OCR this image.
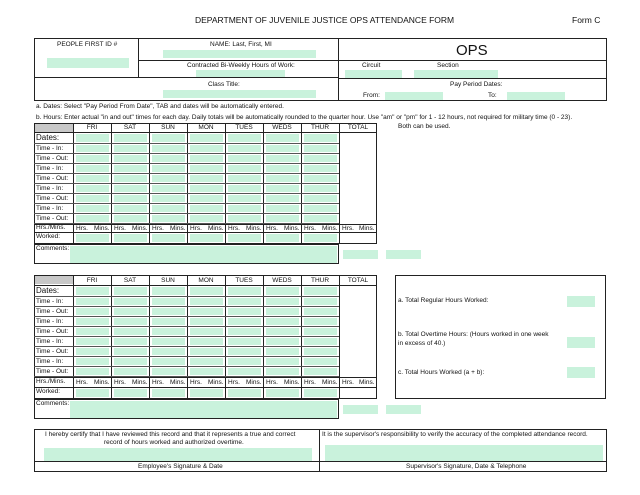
DEPARTMENT OF JUVENILE JUSTICE OPS ATTENDANCE FORM	Form C
PEOPLE FIRST ID #	NAME: Last, First, MI	OPS
Contracted Bi-Weekly Hours of Work:	Circuit	Section
Class Title:	Pay Period Dates:
From:	To:
a. Dates: Select "Pay Period From Date", TAB and dates will be automatically entered.
b. Hours: Enter actual "in and out" times for each day. Daily totals will be automatically rounded to the quarter hour. Use "am" or "pm" for 1 - 12 hours, not required for military time (0 - 23).
Both can be used.
FRI	SAT	SUN	MON	TUES	WEDS	THUR	TOTAL
Dates:
Time - In:
Time - Out:
Time - In:
Time - Out:
Time - In:
Time - Out:
Time - In:
Time - Out:
Hrs./Mins.
Worked:
Hrs. Mins. Hrs. Mins. Hrs. Mins. Hrs. Mins. Hrs. Mins. Hrs. Mins. Hrs. Mins. Hrs. Mins.
Comments:
FRI	SAT	SUN	MON	TUES	WEDS	THUR	TOTAL
Dates:
Time - In:
Time - Out:
Time - In:
Time - Out:
Time - In:
Time - Out:
Time - In:
Time - Out:
Hrs./Mins.
Worked:
Hrs. Mins. Hrs. Mins. Hrs. Mins. Hrs. Mins. Hrs. Mins. Hrs. Mins. Hrs. Mins. Hrs. Mins.
Comments:
a. Total Regular Hours Worked:
b. Total Overtime Hours: (Hours worked in one week
in excess of 40.)
c. Total Hours Worked (a + b):
I hereby certify that I have reviewed this record and that it represents a true and correct
record of hours worked and authorized overtime.
Employee's Signature & Date
It is the supervisor's responsibility to verify the accuracy of the completed attendance record.
Supervisor's Signature, Date & Telephone
